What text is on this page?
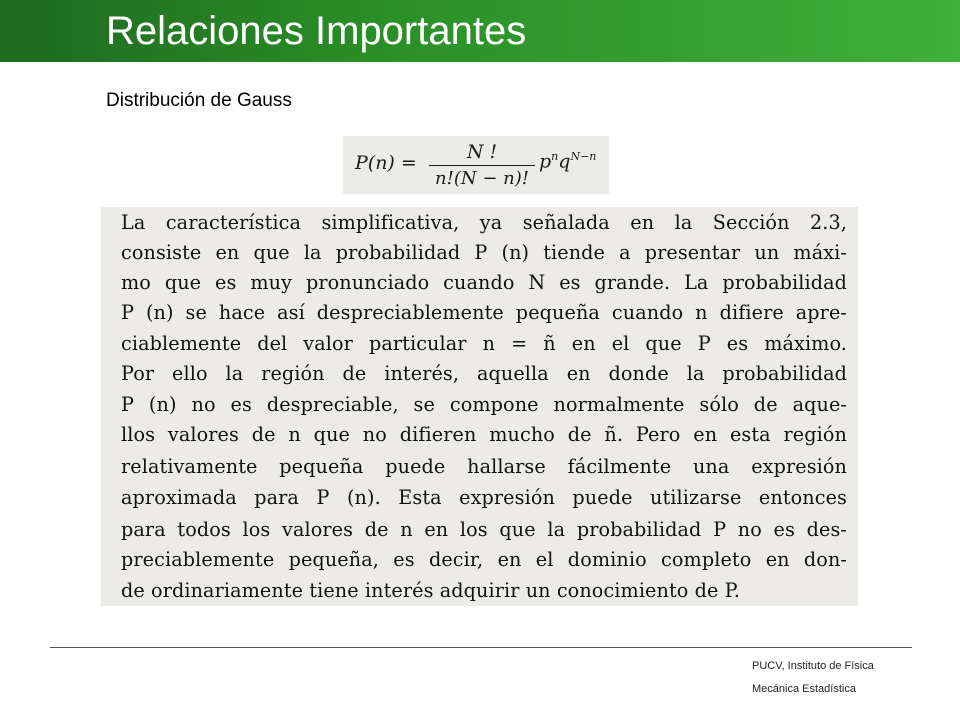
Relaciones Importantes
Distribución de Gauss
P(n) =	N !
n!(N − n)!
$p^nq^{N-n}$
La característica simplificativa, ya señalada en la Sección 2.3,
consiste en que la probabilidad P (n) tiende a presentar un máxi-
mo que es muy pronunciado cuando N es grande. La probabilidad
P (n) se hace así despreciablemente pequeña cuando n difiere apre-
ciablemente del valor particular n = ñ en el que P es máximo.
Por ello la región de interés, aquella en donde la probabilidad
P (n) no es despreciable, se compone normalmente sólo de aque-
llos valores de n que no difieren mucho de ñ. Pero en esta región
relativamente pequeña puede hallarse fácilmente una expresión
aproximada para P (n). Esta expresión puede utilizarse entonces
para todos los valores de n en los que la probabilidad P no es des-
preciablemente pequeña, es decir, en el dominio completo en don-
de ordinariamente tiene interés adquirir un conocimiento de P.
PUCV, Instituto de Física
Mecánica Estadística
